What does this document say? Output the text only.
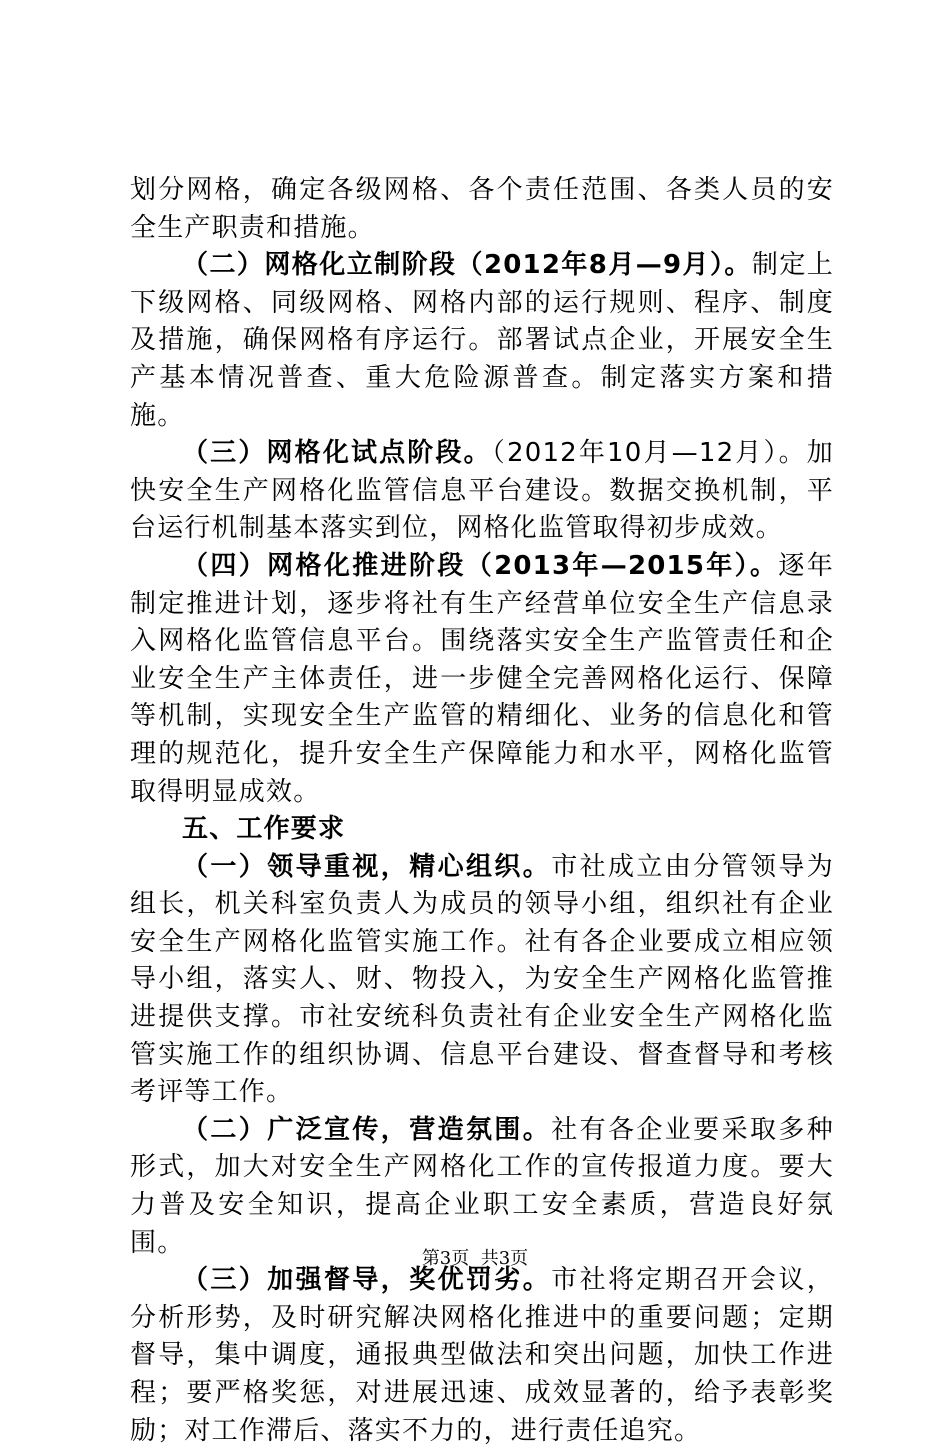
划分网格，确定各级网格、各个责任范围、各类人员的安全生产职责和措施。

（二）网格化立制阶段（2012年8月—9月）。制定上下级网格、同级网格、网格内部的运行规则、程序、制度及措施，确保网格有序运行。部署试点企业，开展安全生产基本情况普查、重大危险源普查。制定落实方案和措施。

（三）网格化试点阶段。（2012年10月—12月）。加快安全生产网格化监管信息平台建设。数据交换机制，平台运行机制基本落实到位，网格化监管取得初步成效。

（四）网格化推进阶段（2013年—2015年）。逐年制定推进计划，逐步将社有生产经营单位安全生产信息录入网格化监管信息平台。围绕落实安全生产监管责任和企业安全生产主体责任，进一步健全完善网格化运行、保障等机制，实现安全生产监管的精细化、业务的信息化和管理的规范化，提升安全生产保障能力和水平，网格化监管取得明显成效。

五、工作要求

（一）领导重视，精心组织。市社成立由分管领导为组长，机关科室负责人为成员的领导小组，组织社有企业安全生产网格化监管实施工作。社有各企业要成立相应领导小组，落实人、财、物投入，为安全生产网格化监管推进提供支撑。市社安统科负责社有企业安全生产网格化监管实施工作的组织协调、信息平台建设、督查督导和考核考评等工作。

（二）广泛宣传，营造氛围。社有各企业要采取多种形式，加大对安全生产网格化工作的宣传报道力度。要大力普及安全知识，提高企业职工安全素质，营造良好氛围。

（三）加强督导，奖优罚劣。市社将定期召开会议，分析形势，及时研究解决网格化推进中的重要问题；定期督导，集中调度，通报典型做法和突出问题，加快工作进程；要严格奖惩，对进展迅速、成效显著的，给予表彰奖励；对工作滞后、落实不力的，进行责任追究。

第3页 共3页
